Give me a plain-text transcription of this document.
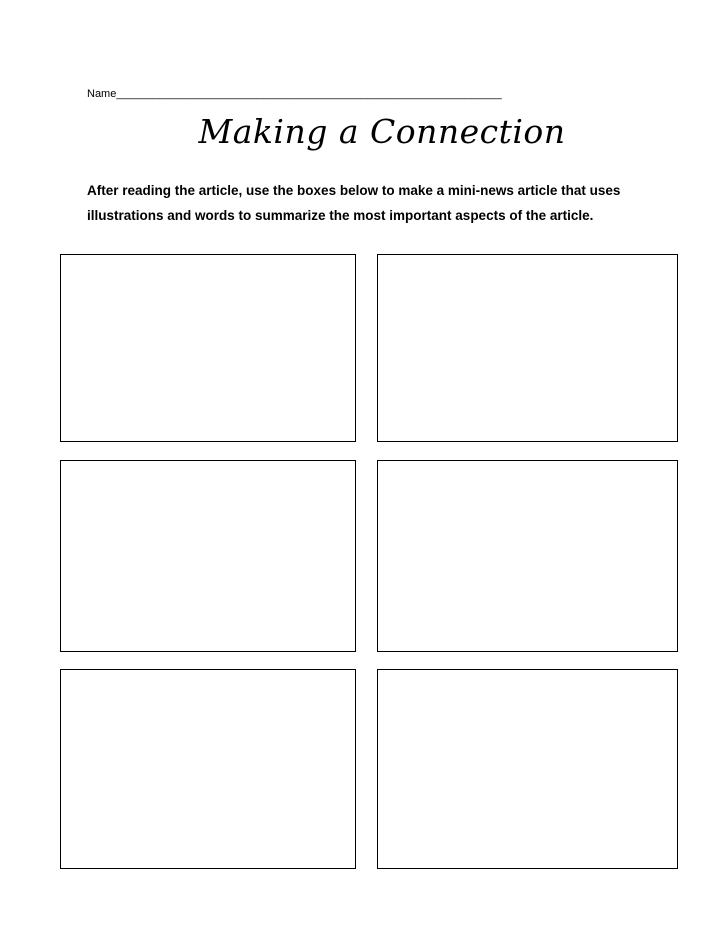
Name_______________________________________________________________
Making a Connection
After reading the article, use the boxes below to make a mini-news article that uses illustrations and words to summarize the most important aspects of the article.
